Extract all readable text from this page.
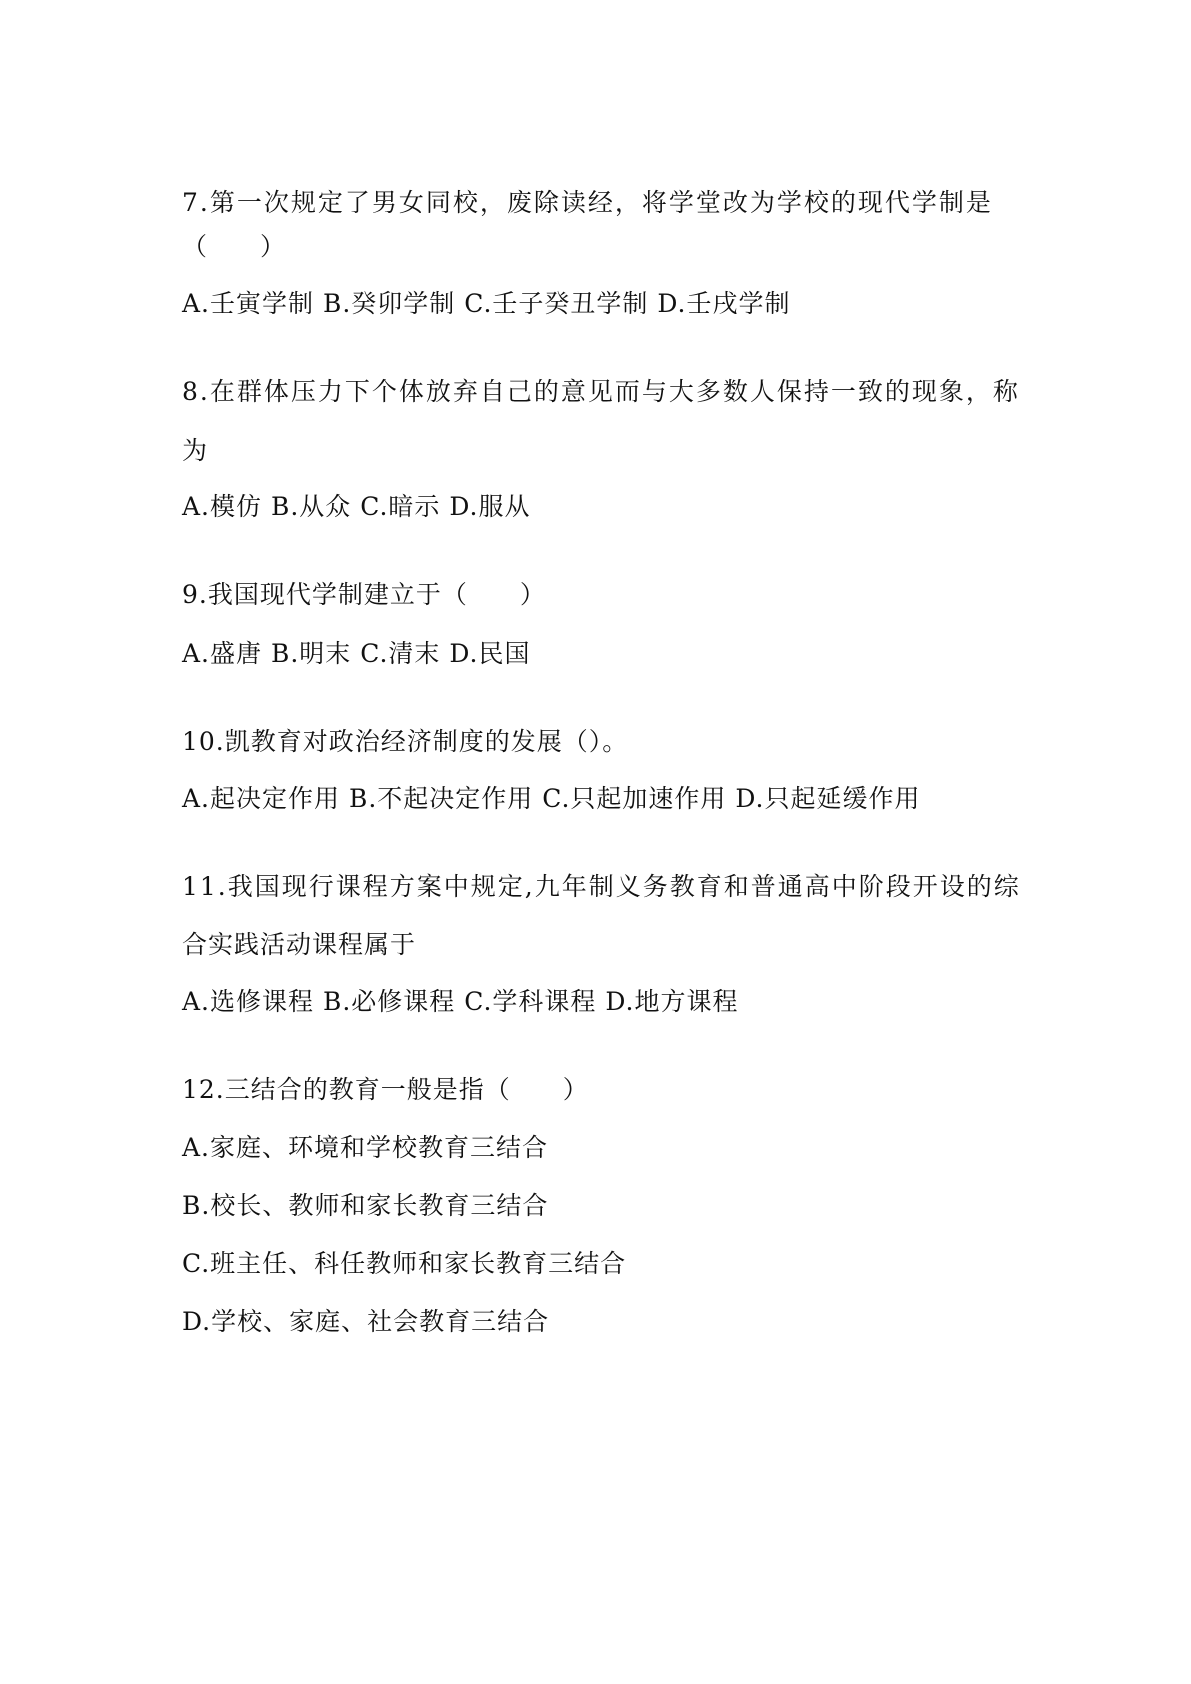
7.第一次规定了男女同校，废除读经，将学堂改为学校的现代学制是
（　　）
A.壬寅学制 B.癸卯学制 C.壬子癸丑学制 D.壬戌学制
8.在群体压力下个体放弃自己的意见而与大多数人保持一致的现象，称
为
A.模仿 B.从众 C.暗示 D.服从
9.我国现代学制建立于（　　）
A.盛唐 B.明末 C.清末 D.民国
10.凯教育对政治经济制度的发展（）。
A.起决定作用 B.不起决定作用 C.只起加速作用 D.只起延缓作用
11.我国现行课程方案中规定,九年制义务教育和普通高中阶段开设的综
合实践活动课程属于
A.选修课程 B.必修课程 C.学科课程 D.地方课程
12.三结合的教育一般是指（　　）
A.家庭、环境和学校教育三结合
B.校长、教师和家长教育三结合
C.班主任、科任教师和家长教育三结合
D.学校、家庭、社会教育三结合
